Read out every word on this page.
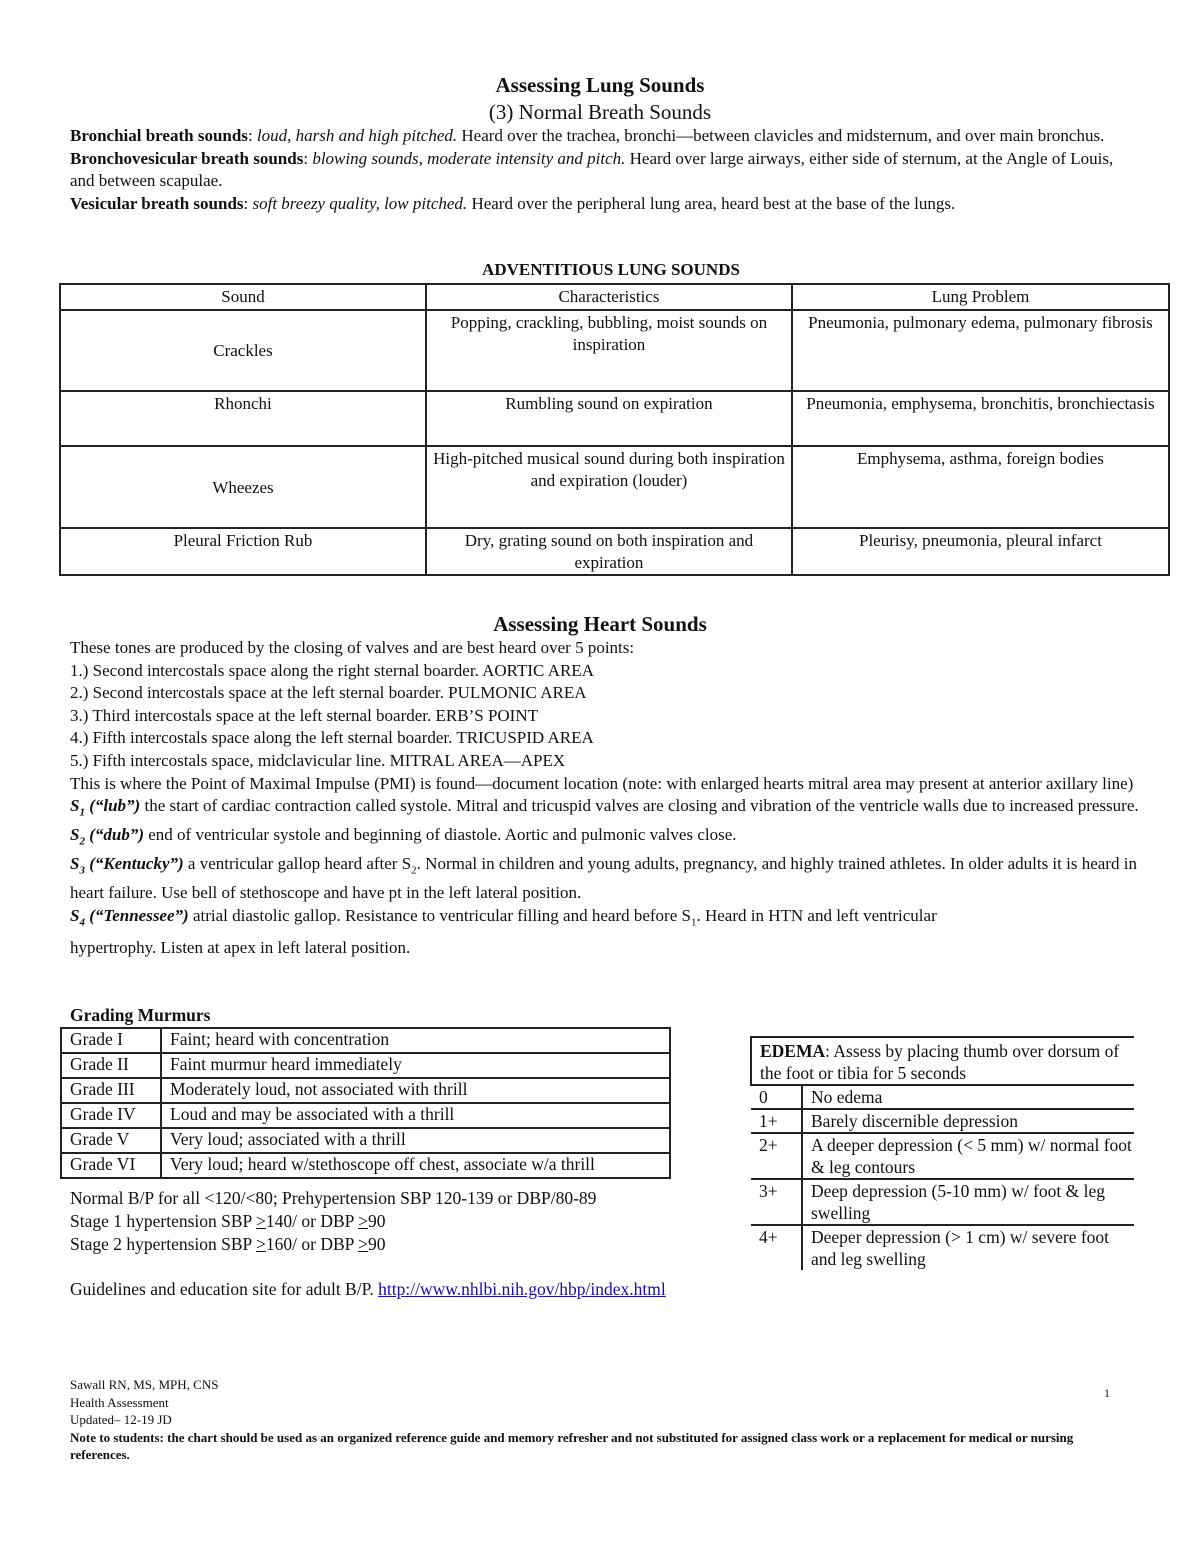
Assessing Lung Sounds
(3) Normal Breath Sounds
Bronchial breath sounds: loud, harsh and high pitched. Heard over the trachea, bronchi—between clavicles and midsternum, and over main bronchus.
Bronchovesicular breath sounds: blowing sounds, moderate intensity and pitch. Heard over large airways, either side of sternum, at the Angle of Louis, and between scapulae.
Vesicular breath sounds: soft breezy quality, low pitched. Heard over the peripheral lung area, heard best at the base of the lungs.
ADVENTITIOUS LUNG SOUNDS
Sound	Characteristics	Lung Problem
Crackles	Popping, crackling, bubbling, moist sounds on inspiration	Pneumonia, pulmonary edema, pulmonary fibrosis
Rhonchi	Rumbling sound on expiration	Pneumonia, emphysema, bronchitis, bronchiectasis
Wheezes	High-pitched musical sound during both inspiration and expiration (louder)	Emphysema, asthma, foreign bodies
Pleural Friction Rub	Dry, grating sound on both inspiration and expiration	Pleurisy, pneumonia, pleural infarct
Assessing Heart Sounds
These tones are produced by the closing of valves and are best heard over 5 points:
1.) Second intercostals space along the right sternal boarder. AORTIC AREA
2.) Second intercostals space at the left sternal boarder. PULMONIC AREA
3.) Third intercostals space at the left sternal boarder. ERB’S POINT
4.) Fifth intercostals space along the left sternal boarder. TRICUSPID AREA
5.) Fifth intercostals space, midclavicular line. MITRAL AREA—APEX
This is where the Point of Maximal Impulse (PMI) is found—document location (note: with enlarged hearts mitral area may present at anterior axillary line)
$S_1$ (“lub”) the start of cardiac contraction called systole. Mitral and tricuspid valves are closing and vibration of the ventricle walls due to increased pressure.
$S_2$ (“dub”) end of ventricular systole and beginning of diastole. Aortic and pulmonic valves close.
$S_3$ (“Kentucky”) a ventricular gallop heard after $S_2$. Normal in children and young adults, pregnancy, and highly trained athletes. In older adults it is heard in heart failure. Use bell of stethoscope and have pt in the left lateral position.
$S_4$ (“Tennessee”) atrial diastolic gallop. Resistance to ventricular filling and heard before $S_1$. Heard in HTN and left ventricular
hypertrophy. Listen at apex in left lateral position.
Grading Murmurs
Grade I	Faint; heard with concentration
Grade II	Faint murmur heard immediately
Grade III	Moderately loud, not associated with thrill
Grade IV	Loud and may be associated with a thrill
Grade V	Very loud; associated with a thrill
Grade VI	Very loud; heard w/stethoscope off chest, associate w/a thrill
Normal B/P for all <120/<80; Prehypertension SBP 120-139 or DBP/80-89
Stage 1 hypertension SBP >140/ or DBP >90
Stage 2 hypertension SBP >160/ or DBP >90
Guidelines and education site for adult B/P. http://www.nhlbi.nih.gov/hbp/index.html
EDEMA: Assess by placing thumb over dorsum of the foot or tibia for 5 seconds	
0	No edema
1+	Barely discernible depression
2+	A deeper depression (< 5 mm) w/ normal foot & leg contours
3+	Deep depression (5-10 mm) w/ foot & leg swelling
4+	Deeper depression (> 1 cm) w/ severe foot and leg swelling
Sawall RN, MS, MPH, CNS
Health Assessment
Updated– 12-19 JD
Note to students: the chart should be used as an organized reference guide and memory refresher and not substituted for assigned class work or a replacement for medical or nursing references.
1
